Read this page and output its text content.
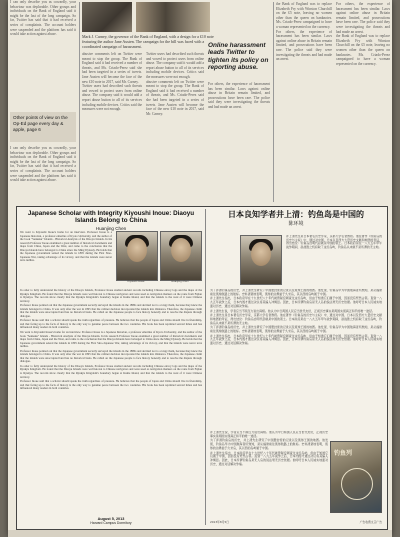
I can only describe you as cowardly, your behaviour was deplorable. Other groups and individuals on the Bank of England said it might be the last of the long campaign. So far, Twitter has said that it had received a series of complaints. The account holders were suspended and the platform has said it would take action against abuse.
Other points of view on the Op-Ed page every day & apple, page 6
I can only describe you as cowardly, your behaviour was deplorable. Other groups and individuals on the Bank of England said it might be the last of the long campaign. So far, Twitter has said that it had received a series of complaints. The account holders were suspended and the platform has said it would take action against abuse.
Mark J. Carney, the governor of the Bank of England, with a design for a £10 note featuring the author Jane Austen. The campaign for the bill was faced with a coordinated campaign of harassment.
abusive comments left on Twitter were meant to stop the group. The Bank of England said it had received a number of threats, and Ms. Criado-Perez said she had been targeted in a series of tweets. Jane Austen will become the face of the new £10 note in 2017, said Mr. Carney.
Twitter users had described such threats and vowed to protect users from online abuse. The company said it would add a report abuse button to all of its services including mobile devices. Critics said the measures were not enough.
Twitter users had described such threats and vowed to protect users from online abuse. The company said it would add a report abuse button to all of its services including mobile devices. Critics said the measures were not enough.
abusive comments left on Twitter were meant to stop the group. The Bank of England said it had received a number of threats, and Ms. Criado-Perez said she had been targeted in a series of tweets. Jane Austen will become the face of the new £10 note in 2017, said Mr. Carney.
Online harassment leads Twitter to tighten its policy on reporting abuse.
For others, the experience of harassment has been similar. Laws against online abuse in Britain remain limited, and prosecutions have been rare. The police said they were investigating the threats and had made an arrest.
the Bank of England was to replace Elizabeth Fry with Winston Churchill on the £5 note, leaving no women other than the queen on banknotes. Ms. Criado-Perez campaigned to have a woman represented on the currency.
For others, the experience of harassment has been similar. Laws against online abuse in Britain remain limited, and prosecutions have been rare. The police said they were investigating the threats and had made an arrest.
For others, the experience of harassment has been similar. Laws against online abuse in Britain remain limited, and prosecutions have been rare. The police said they were investigating the threats and had made an arrest.
the Bank of England was to replace Elizabeth Fry with Winston Churchill on the £5 note, leaving no women other than the queen on banknotes. Ms. Criado-Perez campaigned to have a woman represented on the currency.
Japanese Scholar with Integrity Kiyoushi Inoue: Diaoyu Islands Belong to China
Huanjing Chen
We went to Kiyoushi Inoue's home for an interview. Professor Inoue is a Japanese historian, a professor emeritus of Kyoto University, and the author of the book "Senkaku" Islands - Historical Analysis of the Diaoyu Islands. In his research Professor Inoue examined a great number of historical documents and maps from China, Japan and the West, and came to the conclusion that the Diaoyu Islands have belonged to China since the Ming Dynasty. He holds that the Japanese government seized the islands in 1895 during the First Sino-Japanese War, taking advantage of its victory, and that the islands were never terra nullius.
Kiyoushi Inoue	Huanjing Chen

In order to fully understand the history of the Diaoyu Islands, Professor Inoue studied ancient records including Chinese envoy logs and the maps of the Ryukyu Kingdom. He found that the Diaoyu Islands were well known to Chinese navigators and were used as navigation markers on the route from Fujian to Ryukyu. The records show clearly that the Ryukyu Kingdom's boundary began at Kume Island, and that the islands to the west of it were Chinese territory.

Professor Inoue pointed out that the Japanese government secretly surveyed the islands in the 1880s and decided not to occupy them, because they knew the islands belonged to China. It was only after the war in 1895 that the cabinet decision incorporated the islands into Okinawa. Therefore, the Japanese claim that the islands were unoccupied land has no historical basis. He called on the Japanese people to face history honestly and to resolve the dispute through dialogue.

Professor Inoue said that a scholar should speak the truth regardless of pressure. He believes that the people of Japan and China should live in friendship, and that facing up to the facts of history is the only way to genuine peace between the two countries. His book has been reprinted several times and has influenced many readers in both countries.

We went to Kiyoushi Inoue's home for an interview. Professor Inoue is a Japanese historian, a professor emeritus of Kyoto University, and the author of the book "Senkaku" Islands - Historical Analysis of the Diaoyu Islands. In his research Professor Inoue examined a great number of historical documents and maps from China, Japan and the West, and came to the conclusion that the Diaoyu Islands have belonged to China since the Ming Dynasty. He holds that the Japanese government seized the islands in 1895 during the First Sino-Japanese War, taking advantage of its victory, and that the islands were never terra nullius.

Professor Inoue pointed out that the Japanese government secretly surveyed the islands in the 1880s and decided not to occupy them, because they knew the islands belonged to China. It was only after the war in 1895 that the cabinet decision incorporated the islands into Okinawa. Therefore, the Japanese claim that the islands were unoccupied land has no historical basis. He called on the Japanese people to face history honestly and to resolve the dispute through dialogue.

In order to fully understand the history of the Diaoyu Islands, Professor Inoue studied ancient records including Chinese envoy logs and the maps of the Ryukyu Kingdom. He found that the Diaoyu Islands were well known to Chinese navigators and were used as navigation markers on the route from Fujian to Ryukyu. The records show clearly that the Ryukyu Kingdom's boundary began at Kume Island, and that the islands to the west of it were Chinese territory.

Professor Inoue said that a scholar should speak the truth regardless of pressure. He believes that the people of Japan and China should live in friendship, and that facing up to the facts of history is the only way to genuine peace between the two countries. His book has been reprinted several times and has influenced many readers in both countries.

August 5, 2013
Harvard Campus Dormitory
日本良知学者井上清：钓鱼岛是中国的
陈环境
井上清先生是日本著名历史学家，京都大学名誉教授。他在著作《钓鱼岛的历史与主权》中，通过对中国、日本以及西方大量历史文献和地图的考证，得出结论：钓鱼岛自明代起就是中国的领土。日本政府是在一八九五年甲午战争期间，趁战胜之机窃取了这些岛屿，钓鱼岛从来就不是所谓的无主地。

为了弄清钓鱼岛的历史，井上清先生研究了中国册封使的记录以及琉球王国的地图。他发现，钓鱼岛早为中国航海者所熟知，是从福建前往琉球航路上的航标。史料清楚地表明，琉球的边界始于久米岛，其以西的岛屿属于中国。

井上清先生指出，日本政府早在十九世纪八十年代就曾秘密调查过这些岛屿，但由于知道它们属于中国，因而没有贸然占领。直到一八九五年战争之后，日本内阁才通过决议将其编入冲绳县。因此，日本所谓钓鱼岛是无人岛的说法毫无历史依据。他呼吁日本人民诚实地面对历史，通过对话解决争端。

井上清先生说，学者应当不顾压力说出真相。他认为中日两国人民应当世代友好，正视历史事实是两国实现真正和平的唯一途径。

井上清先生是日本著名历史学家，京都大学名誉教授。他在著作《钓鱼岛的历史与主权》中，通过对中国、日本以及西方大量历史文献和地图的考证，得出结论：钓鱼岛自明代起就是中国的领土。日本政府是在一八九五年甲午战争期间，趁战胜之机窃取了这些岛屿，钓鱼岛从来就不是所谓的无主地。

为了弄清钓鱼岛的历史，井上清先生研究了中国册封使的记录以及琉球王国的地图。他发现，钓鱼岛早为中国航海者所熟知，是从福建前往琉球航路上的航标。史料清楚地表明，琉球的边界始于久米岛，其以西的岛屿属于中国。

井上清先生指出，日本政府早在十九世纪八十年代就曾秘密调查过这些岛屿，但由于知道它们属于中国，因而没有贸然占领。直到一八九五年战争之后，日本内阁才通过决议将其编入冲绳县。因此，日本所谓钓鱼岛是无人岛的说法毫无历史依据。他呼吁日本人民诚实地面对历史，通过对话解决争端。

井上清先生说，学者应当不顾压力说出真相。他认为中日两国人民应当世代友好，正视历史事实是两国实现真正和平的唯一途径。

为了弄清钓鱼岛的历史，井上清先生研究了中国册封使的记录以及琉球王国的地图。他发现，钓鱼岛早为中国航海者所熟知，是从福建前往琉球航路上的航标。史料清楚地表明，琉球的边界始于久米岛，其以西的岛屿属于中国。

井上清先生指出，日本政府早在十九世纪八十年代就曾秘密调查过这些岛屿，但由于知道它们属于中国，因而没有贸然占领。直到一八九五年战争之后，日本内阁才通过决议将其编入冲绳县。因此，日本所谓钓鱼岛是无人岛的说法毫无历史依据。他呼吁日本人民诚实地面对历史，通过对话解决争端。

钓鱼列
2013年8月5日	广告收费文章广告
